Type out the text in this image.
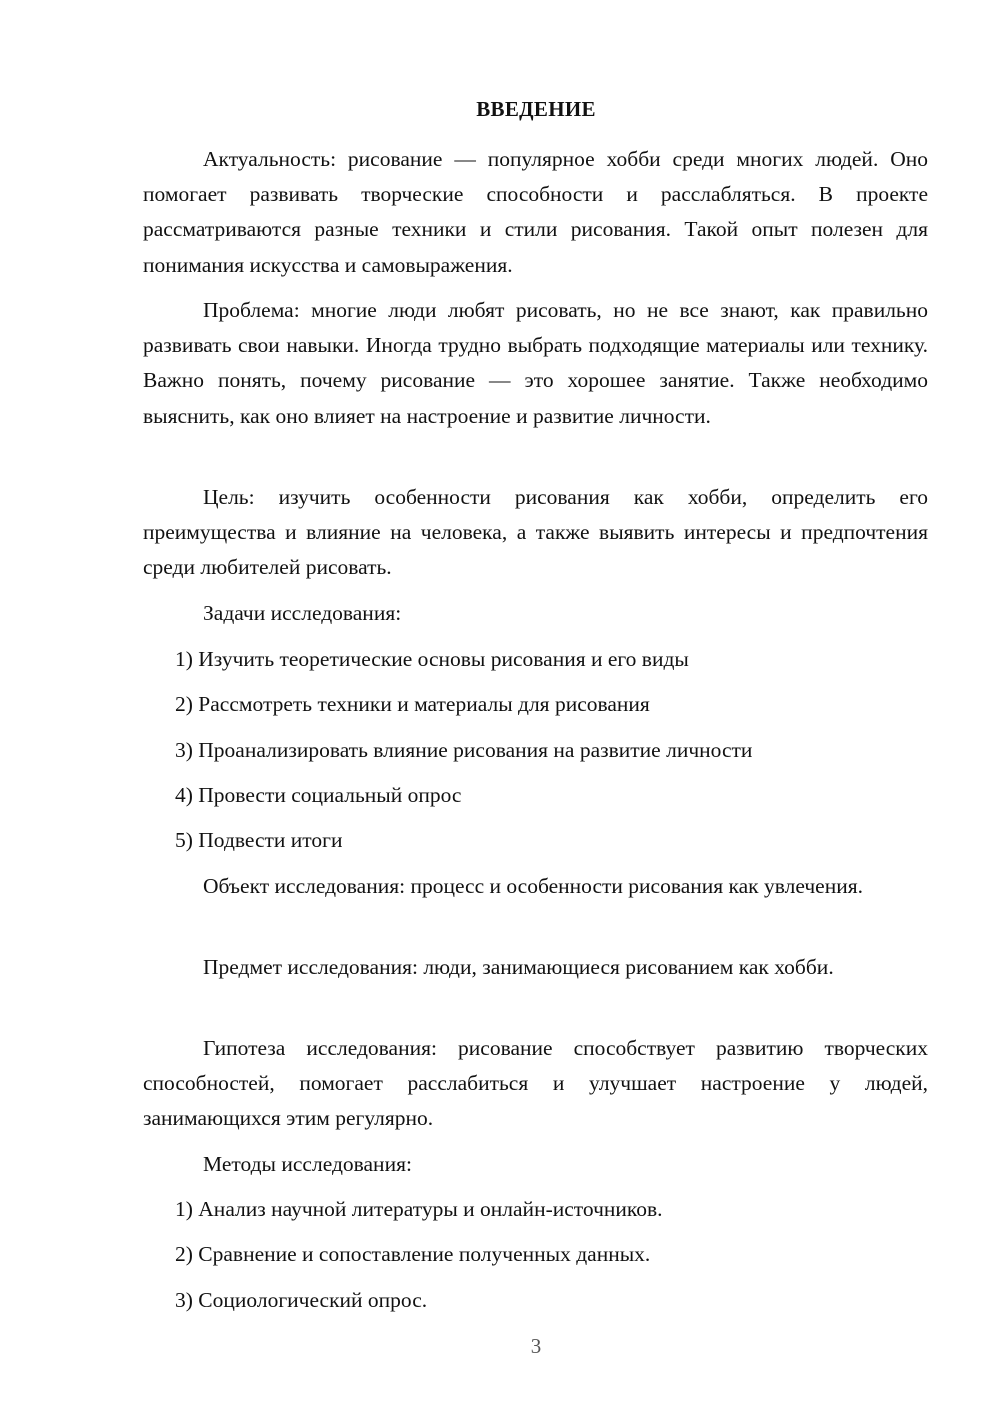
ВВЕДЕНИЕ

Актуальность: рисование — популярное хобби среди многих людей. Оно помогает развивать творческие способности и расслабляться. В проекте рассматриваются разные техники и стили рисования. Такой опыт полезен для понимания искусства и самовыражения.

Проблема: многие люди любят рисовать, но не все знают, как правильно развивать свои навыки. Иногда трудно выбрать подходящие материалы или технику. Важно понять, почему рисование — это хорошее занятие. Также необходимо выяснить, как оно влияет на настроение и развитие личности.

Цель: изучить особенности рисования как хобби, определить его преимущества и влияние на человека, а также выявить интересы и предпочтения среди любителей рисовать.

Задачи исследования:

1) Изучить теоретические основы рисования и его виды

2) Рассмотреть техники и материалы для рисования

3) Проанализировать влияние рисования на развитие личности

4) Провести социальный опрос

5) Подвести итоги

Объект исследования: процесс и особенности рисования как увлечения.

Предмет исследования: люди, занимающиеся рисованием как хобби.

Гипотеза исследования: рисование способствует развитию творческих способностей, помогает расслабиться и улучшает настроение у людей, занимающихся этим регулярно.

Методы исследования:

1) Анализ научной литературы и онлайн-источников.

2) Сравнение и сопоставление полученных данных.

3) Социологический опрос.

3
